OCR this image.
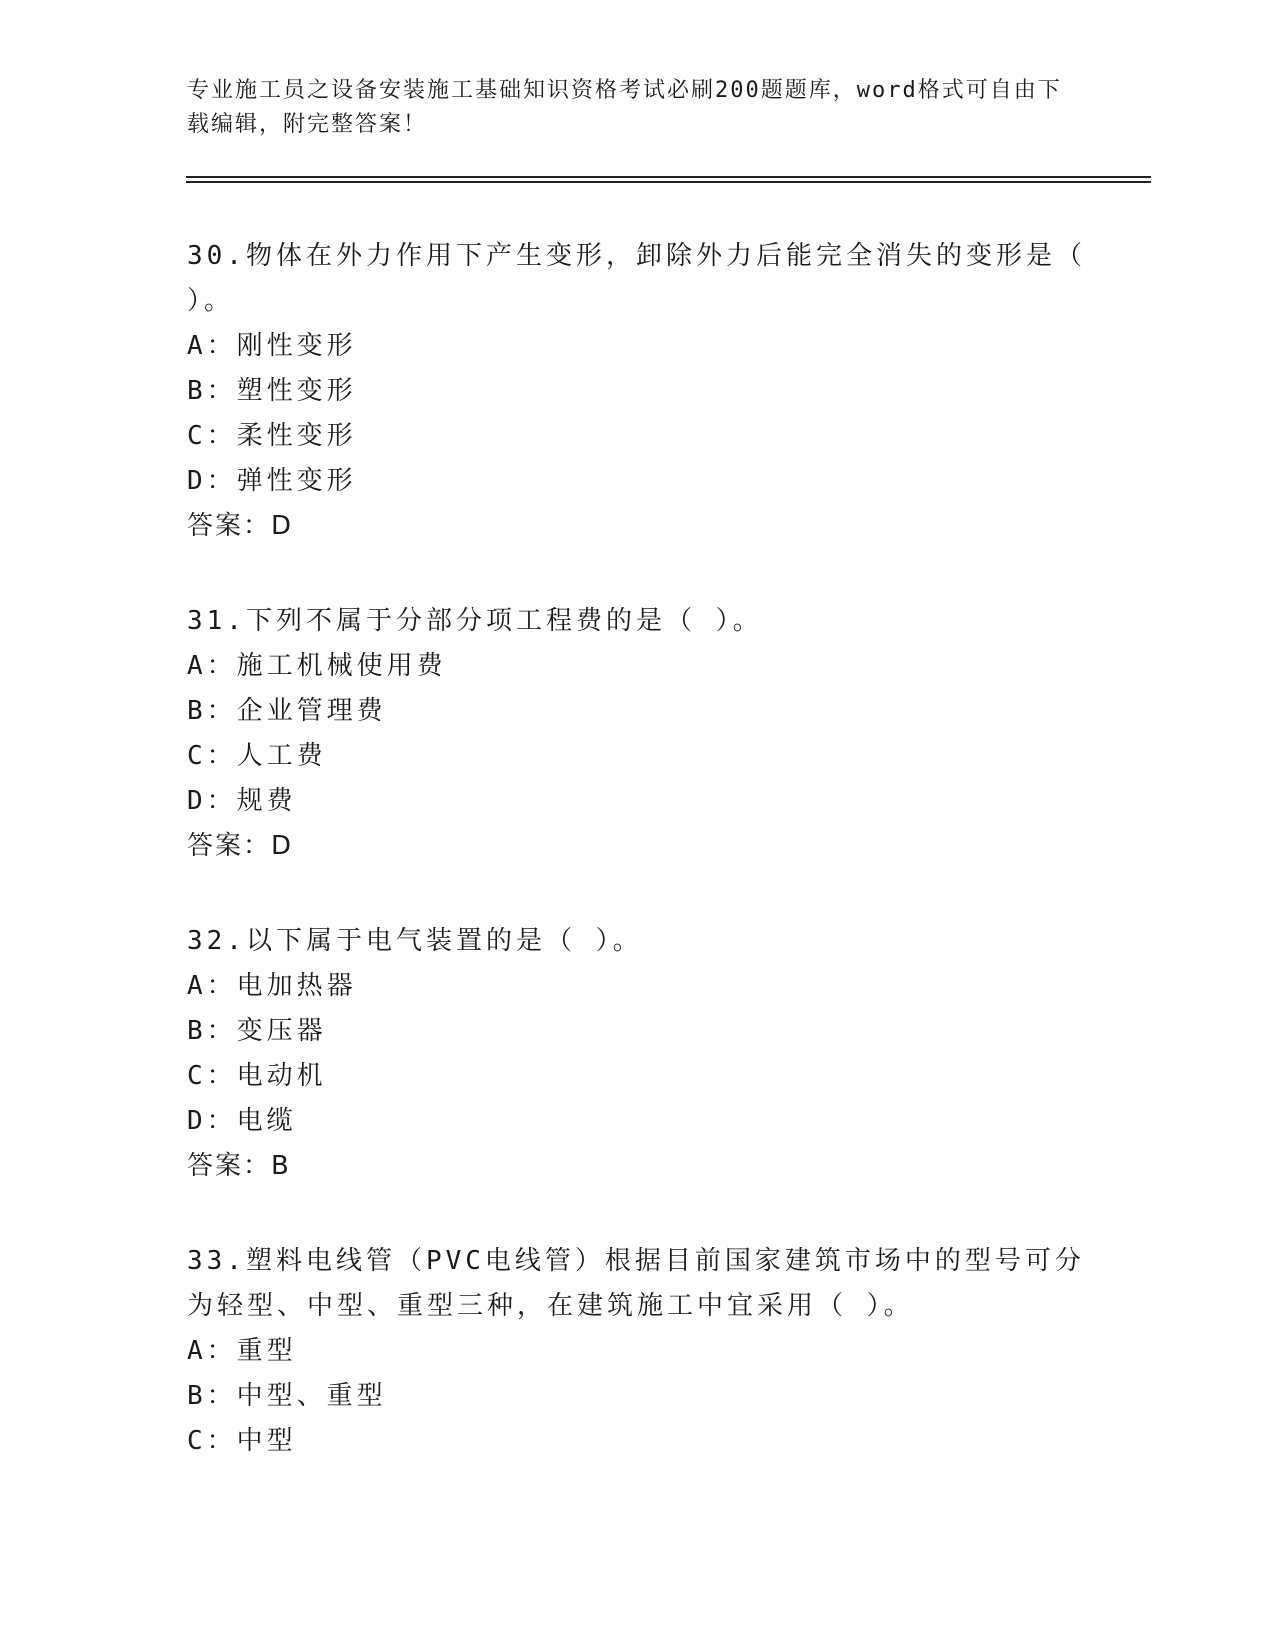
专业施工员之设备安装施工基础知识资格考试必刷200题题库，word格式可自由下载编辑，附完整答案！
30.物体在外力作用下产生变形，卸除外力后能完全消失的变形是（ ）。
A：刚性变形
B：塑性变形
C：柔性变形
D：弹性变形
答案：D
31.下列不属于分部分项工程费的是（ ）。
A：施工机械使用费
B：企业管理费
C：人工费
D：规费
答案：D
32.以下属于电气装置的是（ ）。
A：电加热器
B：变压器
C：电动机
D：电缆
答案：B
33.塑料电线管（PVC电线管）根据目前国家建筑市场中的型号可分为轻型、中型、重型三种，在建筑施工中宜采用（ ）。
A：重型
B：中型、重型
C：中型
